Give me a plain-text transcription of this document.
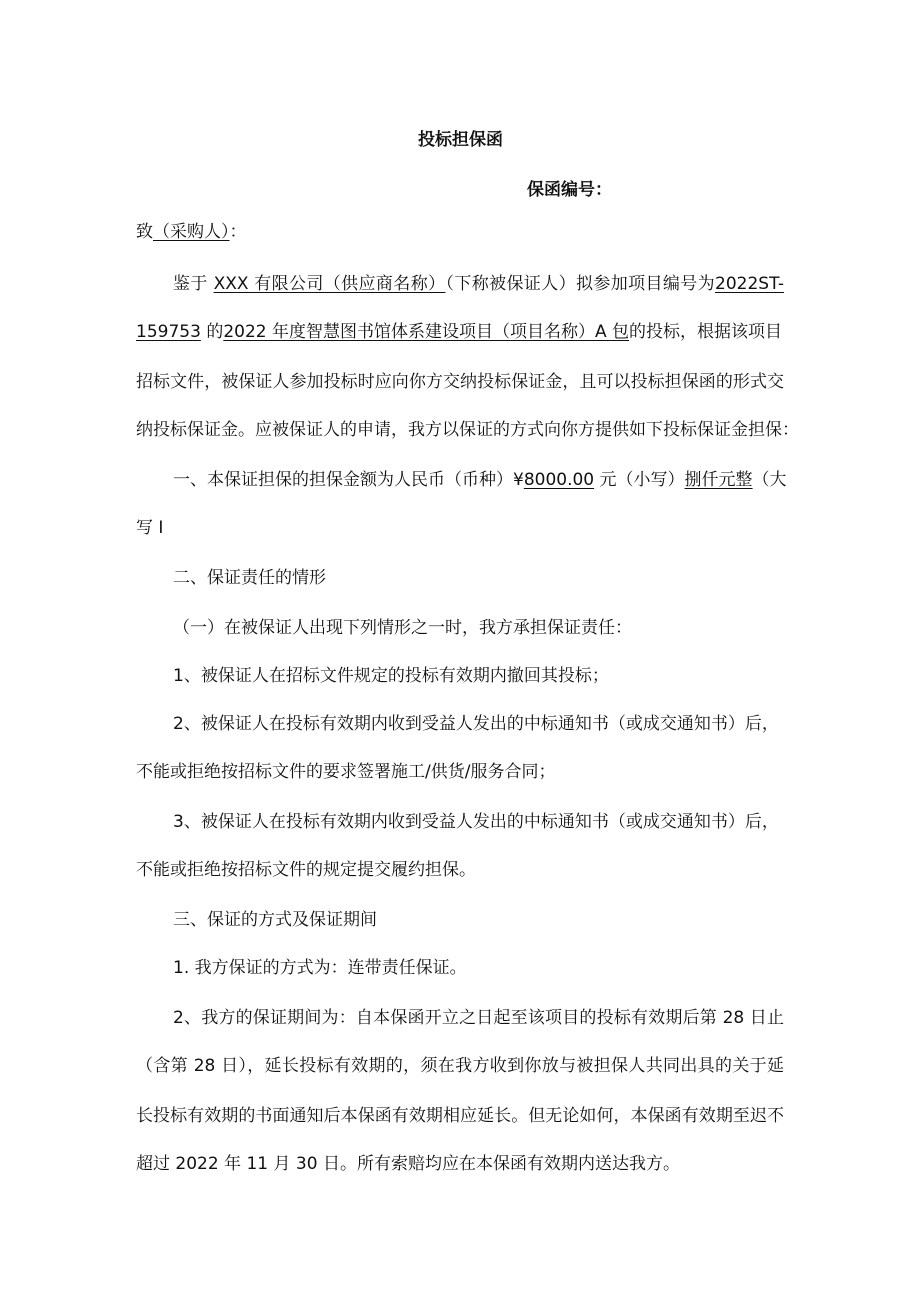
投标担保函
保函编号：
致（采购人）：
鉴于 XXX 有限公司（供应商名称）（下称被保证人）拟参加项目编号为2022ST-
159753 的2022 年度智慧图书馆体系建设项目（项目名称）A 包的投标，根据该项目
招标文件，被保证人参加投标时应向你方交纳投标保证金，且可以投标担保函的形式交
纳投标保证金。应被保证人的申请，我方以保证的方式向你方提供如下投标保证金担保：
一、本保证担保的担保金额为人民币（币种）¥8000.00 元（小写）捌仟元整（大
写 I
二、保证责任的情形
（一）在被保证人出现下列情形之一时，我方承担保证责任：
1、被保证人在招标文件规定的投标有效期内撤回其投标；
2、被保证人在投标有效期内收到受益人发出的中标通知书（或成交通知书）后，
不能或拒绝按招标文件的要求签署施工/供货/服务合同；
3、被保证人在投标有效期内收到受益人发出的中标通知书（或成交通知书）后，
不能或拒绝按招标文件的规定提交履约担保。
三、保证的方式及保证期间
1. 我方保证的方式为：连带责任保证。
2、我方的保证期间为：自本保函开立之日起至该项目的投标有效期后第 28 日止
（含第 28 日），延长投标有效期的，须在我方收到你放与被担保人共同出具的关于延
长投标有效期的书面通知后本保函有效期相应延长。但无论如何，本保函有效期至迟不
超过 2022 年 11 月 30 日。所有索赔均应在本保函有效期内送达我方。
